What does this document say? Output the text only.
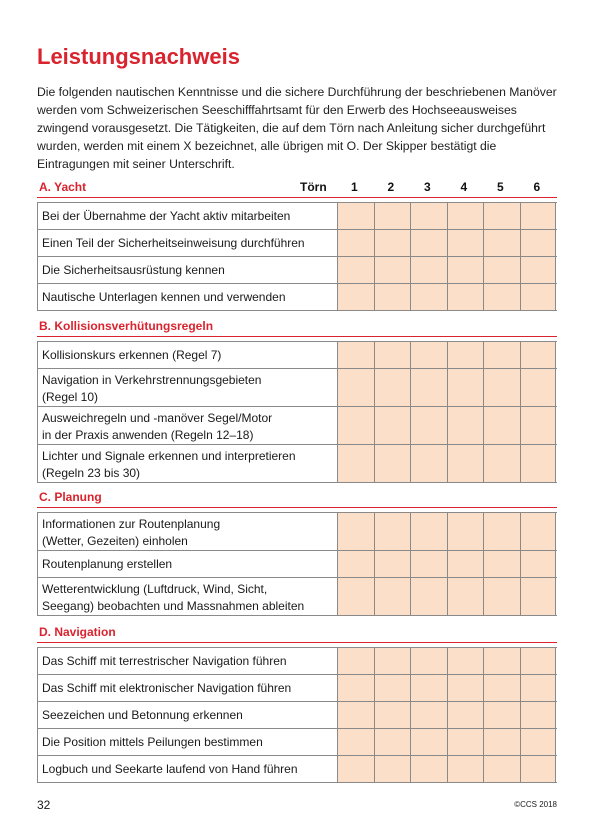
Leistungsnachweis
Die folgenden nautischen Kenntnisse und die sichere Durchführung der beschriebenen Manöver werden vom Schweizerischen Seeschifffahrtsamt für den Erwerb des Hochseeausweises zwingend vorausgesetzt. Die Tätigkeiten, die auf dem Törn nach Anleitung sicher durchgeführt wurden, werden mit einem X bezeichnet, alle übrigen mit O. Der Skipper bestätigt die Eintragungen mit seiner Unterschrift.
A. Yacht	Törn 1 2 3 4 5 6
Bei der Übernahme der Yacht aktiv mitarbeiten
Einen Teil der Sicherheitseinweisung durchführen
Die Sicherheitsausrüstung kennen
Nautische Unterlagen kennen und verwenden
B. Kollisionsverhütungsregeln
Kollisionskurs erkennen (Regel 7)
Navigation in Verkehrstrennungsgebieten
(Regel 10)
Ausweichregeln und -manöver Segel/Motor
in der Praxis anwenden (Regeln 12–18)
Lichter und Signale erkennen und interpretieren
(Regeln 23 bis 30)
C. Planung
Informationen zur Routenplanung
(Wetter, Gezeiten) einholen
Routenplanung erstellen
Wetterentwicklung (Luftdruck, Wind, Sicht,
Seegang) beobachten und Massnahmen ableiten
D. Navigation
Das Schiff mit terrestrischer Navigation führen
Das Schiff mit elektronischer Navigation führen
Seezeichen und Betonnung erkennen
Die Position mittels Peilungen bestimmen
Logbuch und Seekarte laufend von Hand führen
32	©CCS 2018
